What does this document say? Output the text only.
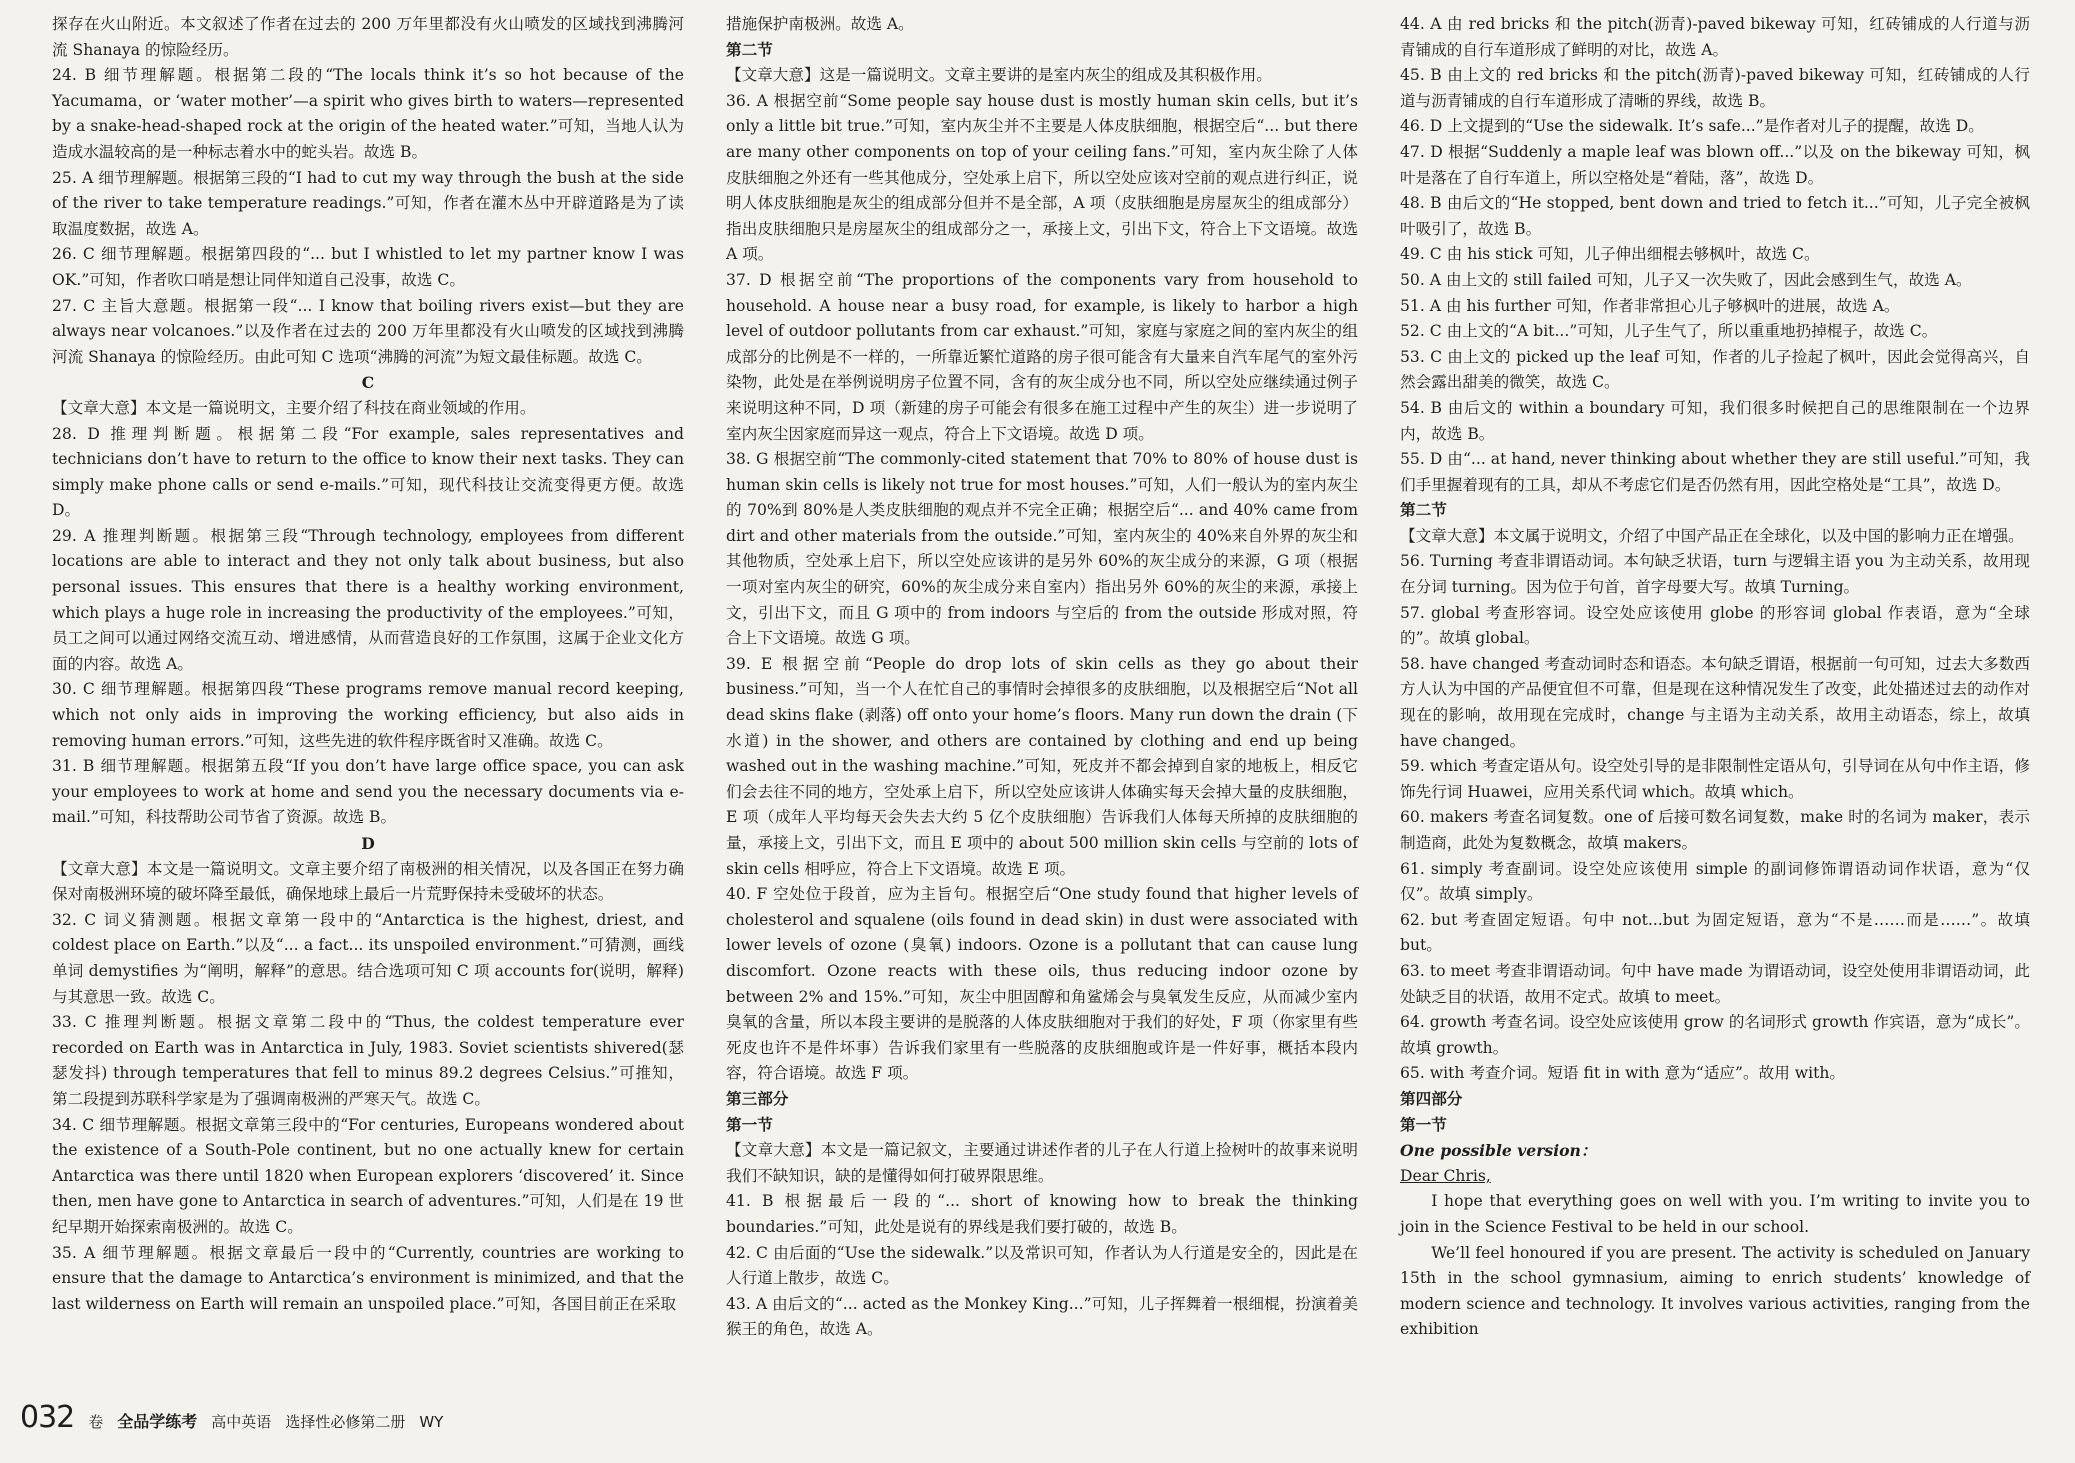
探存在火山附近。本文叙述了作者在过去的 200 万年里都没有火山喷发的区域找到沸腾河流 Shanaya 的惊险经历。

24. B 细节理解题。根据第二段的“The locals think it’s so hot because of the Yacumama，or ‘water mother’—a spirit who gives birth to waters—represented by a snake-head-shaped rock at the origin of the heated water.”可知，当地人认为造成水温较高的是一种标志着水中的蛇头岩。故选 B。

25. A 细节理解题。根据第三段的“I had to cut my way through the bush at the side of the river to take temperature readings.”可知，作者在灌木丛中开辟道路是为了读取温度数据，故选 A。

26. C 细节理解题。根据第四段的“... but I whistled to let my partner know I was OK.”可知，作者吹口哨是想让同伴知道自己没事，故选 C。

27. C 主旨大意题。根据第一段“... I know that boiling rivers exist—but they are always near volcanoes.”以及作者在过去的 200 万年里都没有火山喷发的区域找到沸腾河流 Shanaya 的惊险经历。由此可知 C 选项“沸腾的河流”为短文最佳标题。故选 C。

C

【文章大意】本文是一篇说明文，主要介绍了科技在商业领域的作用。

28. D 推理判断题。根据第二段“For example, sales representatives and technicians don’t have to return to the office to know their next tasks. They can simply make phone calls or send e-mails.”可知，现代科技让交流变得更方便。故选 D。

29. A 推理判断题。根据第三段“Through technology, employees from different locations are able to interact and they not only talk about business, but also personal issues. This ensures that there is a healthy working environment, which plays a huge role in increasing the productivity of the employees.”可知，员工之间可以通过网络交流互动、增进感情，从而营造良好的工作氛围，这属于企业文化方面的内容。故选 A。

30. C 细节理解题。根据第四段“These programs remove manual record keeping, which not only aids in improving the working efficiency, but also aids in removing human errors.”可知，这些先进的软件程序既省时又准确。故选 C。

31. B 细节理解题。根据第五段“If you don’t have large office space, you can ask your employees to work at home and send you the necessary documents via e-mail.”可知，科技帮助公司节省了资源。故选 B。

D

【文章大意】本文是一篇说明文。文章主要介绍了南极洲的相关情况，以及各国正在努力确保对南极洲环境的破坏降至最低，确保地球上最后一片荒野保持未受破坏的状态。

32. C 词义猜测题。根据文章第一段中的“Antarctica is the highest, driest, and coldest place on Earth.”以及“... a fact... its unspoiled environment.”可猜测，画线单词 demystifies 为“阐明，解释”的意思。结合选项可知 C 项 accounts for(说明，解释)与其意思一致。故选 C。

33. C 推理判断题。根据文章第二段中的“Thus, the coldest temperature ever recorded on Earth was in Antarctica in July, 1983. Soviet scientists shivered(瑟瑟发抖) through temperatures that fell to minus 89.2 degrees Celsius.”可推知，第二段提到苏联科学家是为了强调南极洲的严寒天气。故选 C。

34. C 细节理解题。根据文章第三段中的“For centuries, Europeans wondered about the existence of a South-Pole continent, but no one actually knew for certain Antarctica was there until 1820 when European explorers ‘discovered’ it. Since then, men have gone to Antarctica in search of adventures.”可知，人们是在 19 世纪早期开始探索南极洲的。故选 C。

35. A 细节理解题。根据文章最后一段中的“Currently, countries are working to ensure that the damage to Antarctica’s environment is minimized, and that the last wilderness on Earth will remain an unspoiled place.”可知，各国目前正在采取

措施保护南极洲。故选 A。

第二节

【文章大意】这是一篇说明文。文章主要讲的是室内灰尘的组成及其积极作用。

36. A 根据空前“Some people say house dust is mostly human skin cells, but it’s only a little bit true.”可知，室内灰尘并不主要是人体皮肤细胞，根据空后“... but there are many other components on top of your ceiling fans.”可知，室内灰尘除了人体皮肤细胞之外还有一些其他成分，空处承上启下，所以空处应该对空前的观点进行纠正，说明人体皮肤细胞是灰尘的组成部分但并不是全部，A 项（皮肤细胞是房屋灰尘的组成部分）指出皮肤细胞只是房屋灰尘的组成部分之一，承接上文，引出下文，符合上下文语境。故选 A 项。

37. D 根据空前“The proportions of the components vary from household to household. A house near a busy road, for example, is likely to harbor a high level of outdoor pollutants from car exhaust.”可知，家庭与家庭之间的室内灰尘的组成部分的比例是不一样的，一所靠近繁忙道路的房子很可能含有大量来自汽车尾气的室外污染物，此处是在举例说明房子位置不同，含有的灰尘成分也不同，所以空处应继续通过例子来说明这种不同，D 项（新建的房子可能会有很多在施工过程中产生的灰尘）进一步说明了室内灰尘因家庭而异这一观点，符合上下文语境。故选 D 项。

38. G 根据空前“The commonly-cited statement that 70% to 80% of house dust is human skin cells is likely not true for most houses.”可知，人们一般认为的室内灰尘的 70%到 80%是人类皮肤细胞的观点并不完全正确；根据空后“... and 40% came from dirt and other materials from the outside.”可知，室内灰尘的 40%来自外界的灰尘和其他物质，空处承上启下，所以空处应该讲的是另外 60%的灰尘成分的来源，G 项（根据一项对室内灰尘的研究，60%的灰尘成分来自室内）指出另外 60%的灰尘的来源，承接上文，引出下文，而且 G 项中的 from indoors 与空后的 from the outside 形成对照，符合上下文语境。故选 G 项。

39. E 根据空前“People do drop lots of skin cells as they go about their business.”可知，当一个人在忙自己的事情时会掉很多的皮肤细胞，以及根据空后“Not all dead skins flake (剥落) off onto your home’s floors. Many run down the drain (下水道) in the shower, and others are contained by clothing and end up being washed out in the washing machine.”可知，死皮并不都会掉到自家的地板上，相反它们会去往不同的地方，空处承上启下，所以空处应该讲人体确实每天会掉大量的皮肤细胞，E 项（成年人平均每天会失去大约 5 亿个皮肤细胞）告诉我们人体每天所掉的皮肤细胞的量，承接上文，引出下文，而且 E 项中的 about 500 million skin cells 与空前的 lots of skin cells 相呼应，符合上下文语境。故选 E 项。

40. F 空处位于段首，应为主旨句。根据空后“One study found that higher levels of cholesterol and squalene (oils found in dead skin) in dust were associated with lower levels of ozone (臭氧) indoors. Ozone is a pollutant that can cause lung discomfort. Ozone reacts with these oils, thus reducing indoor ozone by between 2% and 15%.”可知，灰尘中胆固醇和角鲨烯会与臭氧发生反应，从而减少室内臭氧的含量，所以本段主要讲的是脱落的人体皮肤细胞对于我们的好处，F 项（你家里有些死皮也许不是件坏事）告诉我们家里有一些脱落的皮肤细胞或许是一件好事，概括本段内容，符合语境。故选 F 项。

第三部分

第一节

【文章大意】本文是一篇记叙文，主要通过讲述作者的儿子在人行道上捡树叶的故事来说明我们不缺知识，缺的是懂得如何打破界限思维。

41. B 根据最后一段的“... short of knowing how to break the thinking boundaries.”可知，此处是说有的界线是我们要打破的，故选 B。

42. C 由后面的“Use the sidewalk.”以及常识可知，作者认为人行道是安全的，因此是在人行道上散步，故选 C。

43. A 由后文的“... acted as the Monkey King...”可知，儿子挥舞着一根细棍，扮演着美猴王的角色，故选 A。

44. A 由 red bricks 和 the pitch(沥青)-paved bikeway 可知，红砖铺成的人行道与沥青铺成的自行车道形成了鲜明的对比，故选 A。

45. B 由上文的 red bricks 和 the pitch(沥青)-paved bikeway 可知，红砖铺成的人行道与沥青铺成的自行车道形成了清晰的界线，故选 B。

46. D 上文提到的“Use the sidewalk. It’s safe...”是作者对儿子的提醒，故选 D。

47. D 根据“Suddenly a maple leaf was blown off...”以及 on the bikeway 可知，枫叶是落在了自行车道上，所以空格处是“着陆，落”，故选 D。

48. B 由后文的“He stopped, bent down and tried to fetch it...”可知，儿子完全被枫叶吸引了，故选 B。

49. C 由 his stick 可知，儿子伸出细棍去够枫叶，故选 C。

50. A 由上文的 still failed 可知，儿子又一次失败了，因此会感到生气，故选 A。

51. A 由 his further 可知，作者非常担心儿子够枫叶的进展，故选 A。

52. C 由上文的“A bit...”可知，儿子生气了，所以重重地扔掉棍子，故选 C。

53. C 由上文的 picked up the leaf 可知，作者的儿子捡起了枫叶，因此会觉得高兴，自然会露出甜美的微笑，故选 C。

54. B 由后文的 within a boundary 可知，我们很多时候把自己的思维限制在一个边界内，故选 B。

55. D 由“... at hand, never thinking about whether they are still useful.”可知，我们手里握着现有的工具，却从不考虑它们是否仍然有用，因此空格处是“工具”，故选 D。

第二节

【文章大意】本文属于说明文，介绍了中国产品正在全球化，以及中国的影响力正在增强。

56. Turning 考查非谓语动词。本句缺乏状语，turn 与逻辑主语 you 为主动关系，故用现在分词 turning。因为位于句首，首字母要大写。故填 Turning。

57. global 考查形容词。设空处应该使用 globe 的形容词 global 作表语，意为“全球的”。故填 global。

58. have changed 考查动词时态和语态。本句缺乏谓语，根据前一句可知，过去大多数西方人认为中国的产品便宜但不可靠，但是现在这种情况发生了改变，此处描述过去的动作对现在的影响，故用现在完成时，change 与主语为主动关系，故用主动语态，综上，故填 have changed。

59. which 考查定语从句。设空处引导的是非限制性定语从句，引导词在从句中作主语，修饰先行词 Huawei，应用关系代词 which。故填 which。

60. makers 考查名词复数。one of 后接可数名词复数，make 时的名词为 maker，表示制造商，此处为复数概念，故填 makers。

61. simply 考查副词。设空处应该使用 simple 的副词修饰谓语动词作状语，意为“仅仅”。故填 simply。

62. but 考查固定短语。句中 not...but 为固定短语，意为“不是……而是……”。故填 but。

63. to meet 考查非谓语动词。句中 have made 为谓语动词，设空处使用非谓语动词，此处缺乏目的状语，故用不定式。故填 to meet。

64. growth 考查名词。设空处应该使用 grow 的名词形式 growth 作宾语，意为“成长”。故填 growth。

65. with 考查介词。短语 fit in with 意为“适应”。故用 with。

第四部分

第一节

One possible version：

Dear Chris,

I hope that everything goes on well with you. I’m writing to invite you to join in the Science Festival to be held in our school.

We’ll feel honoured if you are present. The activity is scheduled on January 15th in the school gymnasium, aiming to enrich students’ knowledge of modern science and technology. It involves various activities, ranging from the exhibition

032 卷 全品学练考 高中英语 选择性必修第二册 WY
